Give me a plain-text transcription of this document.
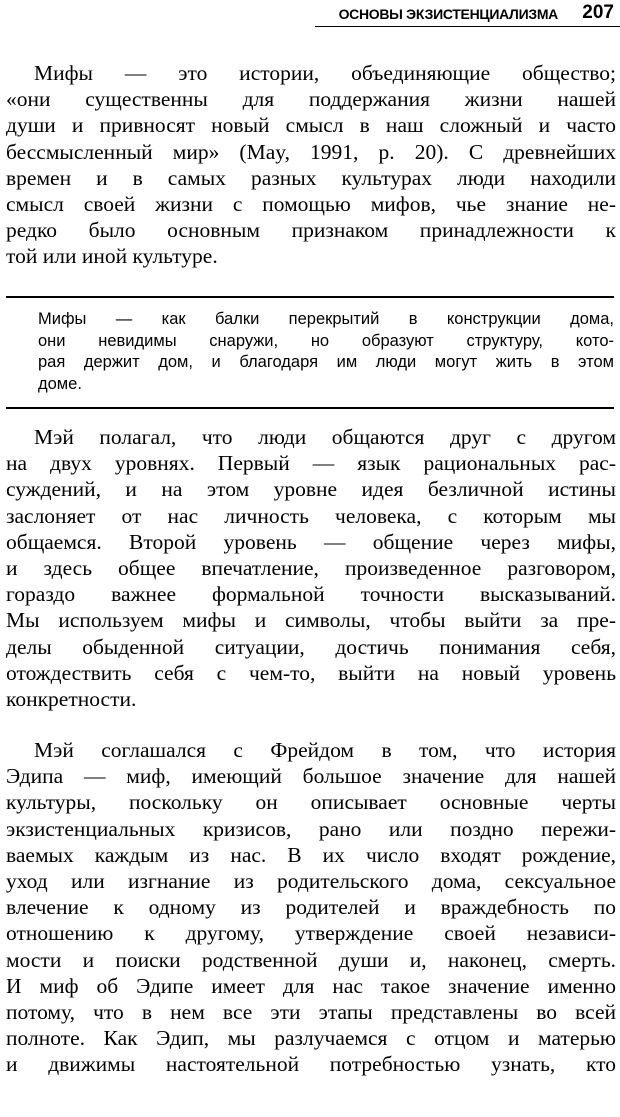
ОСНОВЫ ЭКЗИСТЕНЦИАЛИЗМА 207
Мифы — это истории, объединяющие общество;
«они существенны для поддержания жизни нашей
души и привносят новый смысл в наш сложный и часто
бессмысленный мир» (May, 1991, p. 20). С древнейших
времен и в самых разных культурах люди находили
смысл своей жизни с помощью мифов, чье знание не-
редко было основным признаком принадлежности к
той или иной культуре.
Мифы — как балки перекрытий в конструкции дома,
они невидимы снаружи, но образуют структуру, кото-
рая держит дом, и благодаря им люди могут жить в этом
доме.
Мэй полагал, что люди общаются друг с другом
на двух уровнях. Первый — язык рациональных рас-
суждений, и на этом уровне идея безличной истины
заслоняет от нас личность человека, с которым мы
общаемся. Второй уровень — общение через мифы,
и здесь общее впечатление, произведенное разговором,
гораздо важнее формальной точности высказываний.
Мы используем мифы и символы, чтобы выйти за пре-
делы обыденной ситуации, достичь понимания себя,
отождествить себя с чем-то, выйти на новый уровень
конкретности.
Мэй соглашался с Фрейдом в том, что история
Эдипа — миф, имеющий большое значение для нашей
культуры, поскольку он описывает основные черты
экзистенциальных кризисов, рано или поздно пережи-
ваемых каждым из нас. В их число входят рождение,
уход или изгнание из родительского дома, сексуальное
влечение к одному из родителей и враждебность по
отношению к другому, утверждение своей независи-
мости и поиски родственной души и, наконец, смерть.
И миф об Эдипе имеет для нас такое значение именно
потому, что в нем все эти этапы представлены во всей
полноте. Как Эдип, мы разлучаемся с отцом и матерью
и движимы настоятельной потребностью узнать, кто
